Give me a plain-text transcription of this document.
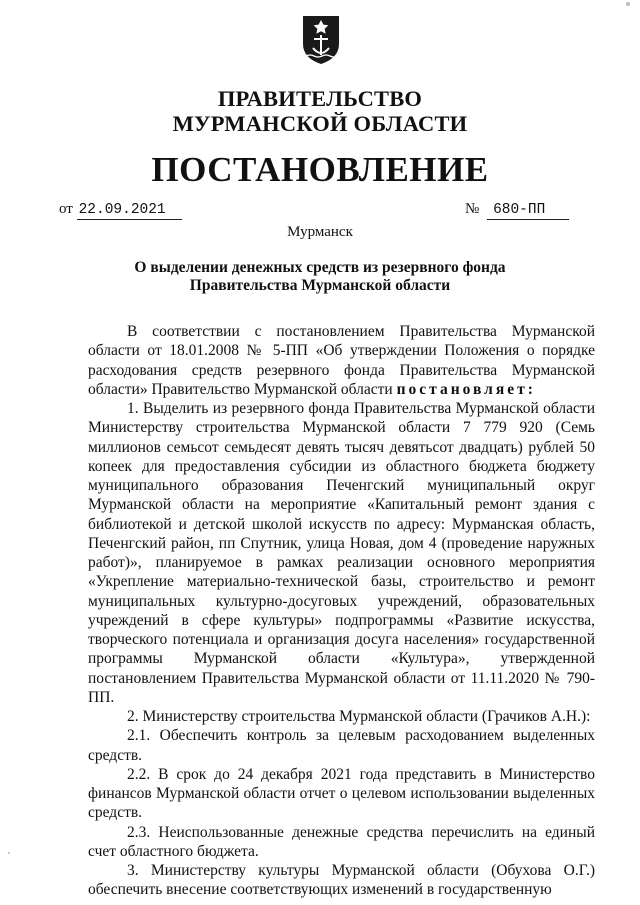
ПРАВИТЕЛЬСТВО
МУРМАНСКОЙ ОБЛАСТИ
ПОСТАНОВЛЕНИЕ
от 22.09.2021	№ 680-ПП
Мурманск
О выделении денежных средств из резервного фонда
Правительства Мурманской области

В соответствии с постановлением Правительства Мурманской области от 18.01.2008 № 5-ПП «Об утверждении Положения о порядке расходования средств резервного фонда Правительства Мурманской области» Правительство Мурманской области постановляет:

1. Выделить из резервного фонда Правительства Мурманской области Министерству строительства Мурманской области 7 779 920 (Семь миллионов семьсот семьдесят девять тысяч девятьсот двадцать) рублей 50 копеек для предоставления субсидии из областного бюджета бюджету муниципального образования Печенгский муниципальный округ Мурманской области на мероприятие «Капитальный ремонт здания с библиотекой и детской школой искусств по адресу: Мурманская область, Печенгский район, пп Спутник, улица Новая, дом 4 (проведение наружных работ)», планируемое в рамках реализации основного мероприятия «Укрепление материально-технической базы, строительство и ремонт муниципальных культурно-досуговых учреждений, образовательных учреждений в сфере культуры» подпрограммы «Развитие искусства, творческого потенциала и организация досуга населения» государственной программы Мурманской области «Культура», утвержденной постановлением Правительства Мурманской области от 11.11.2020 № 790-ПП.

2. Министерству строительства Мурманской области (Грачиков А.Н.):

2.1. Обеспечить контроль за целевым расходованием выделенных средств.

2.2. В срок до 24 декабря 2021 года представить в Министерство финансов Мурманской области отчет о целевом использовании выделенных средств.

2.3. Неиспользованные денежные средства перечислить на единый счет областного бюджета.

3. Министерству культуры Мурманской области (Обухова О.Г.) обеспечить внесение соответствующих изменений в государственную
